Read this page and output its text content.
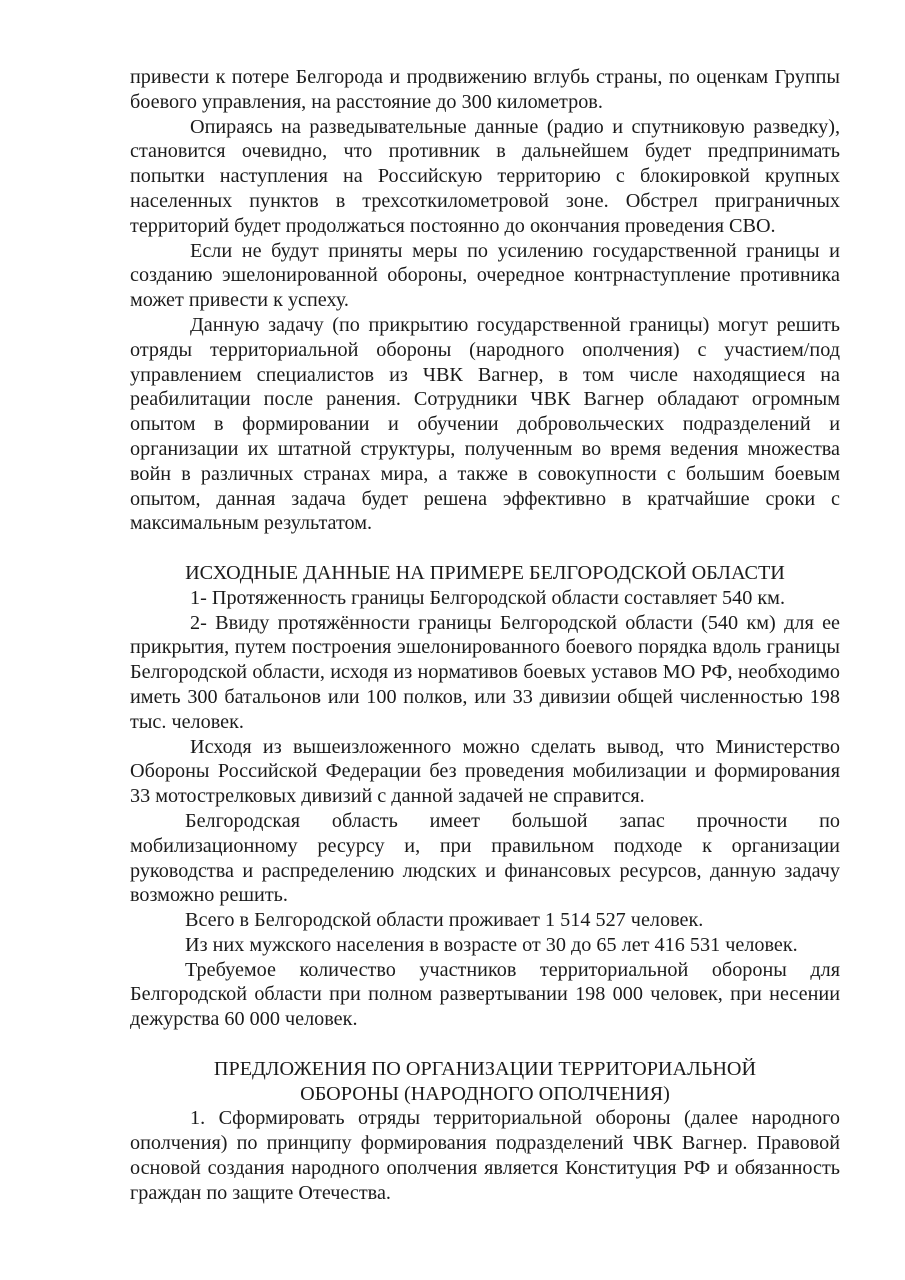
привести к потере Белгорода и продвижению вглубь страны, по оценкам Группы боевого управления, на расстояние до 300 километров.

Опираясь на разведывательные данные (радио и спутниковую разведку), становится очевидно, что противник в дальнейшем будет предпринимать попытки наступления на Российскую территорию с блокировкой крупных населенных пунктов в трехсоткилометровой зоне. Обстрел приграничных территорий будет продолжаться постоянно до окончания проведения СВО.

Если не будут приняты меры по усилению государственной границы и созданию эшелонированной обороны, очередное контрнаступление противника может привести к успеху.

Данную задачу (по прикрытию государственной границы) могут решить отряды территориальной обороны (народного ополчения) с участием/под управлением специалистов из ЧВК Вагнер, в том числе находящиеся на реабилитации после ранения. Сотрудники ЧВК Вагнер обладают огромным опытом в формировании и обучении добровольческих подразделений и организации их штатной структуры, полученным во время ведения множества войн в различных странах мира, а также в совокупности с большим боевым опытом, данная задача будет решена эффективно в кратчайшие сроки с максимальным результатом.

ИСХОДНЫЕ ДАННЫЕ НА ПРИМЕРЕ БЕЛГОРОДСКОЙ ОБЛАСТИ

1- Протяженность границы Белгородской области составляет 540 км.

2- Ввиду протяжённости границы Белгородской области (540 км) для ее прикрытия, путем построения эшелонированного боевого порядка вдоль границы Белгородской области, исходя из нормативов боевых уставов МО РФ, необходимо иметь 300 батальонов или 100 полков, или 33 дивизии общей численностью 198 тыс. человек.

Исходя из вышеизложенного можно сделать вывод, что Министерство Обороны Российской Федерации без проведения мобилизации и формирования 33 мотострелковых дивизий с данной задачей не справится.

Белгородская область имеет большой запас прочности по мобилизационному ресурсу и, при правильном подходе к организации руководства и распределению людских и финансовых ресурсов, данную задачу возможно решить.

Всего в Белгородской области проживает 1 514 527 человек.

Из них мужского населения в возрасте от 30 до 65 лет 416 531 человек.

Требуемое количество участников территориальной обороны для Белгородской области при полном развертывании 198 000 человек, при несении дежурства 60 000 человек.

ПРЕДЛОЖЕНИЯ ПО ОРГАНИЗАЦИИ ТЕРРИТОРИАЛЬНОЙ
ОБОРОНЫ (НАРОДНОГО ОПОЛЧЕНИЯ)

1. Сформировать отряды территориальной обороны (далее народного ополчения) по принципу формирования подразделений ЧВК Вагнер. Правовой основой создания народного ополчения является Конституция РФ и обязанность граждан по защите Отечества.
